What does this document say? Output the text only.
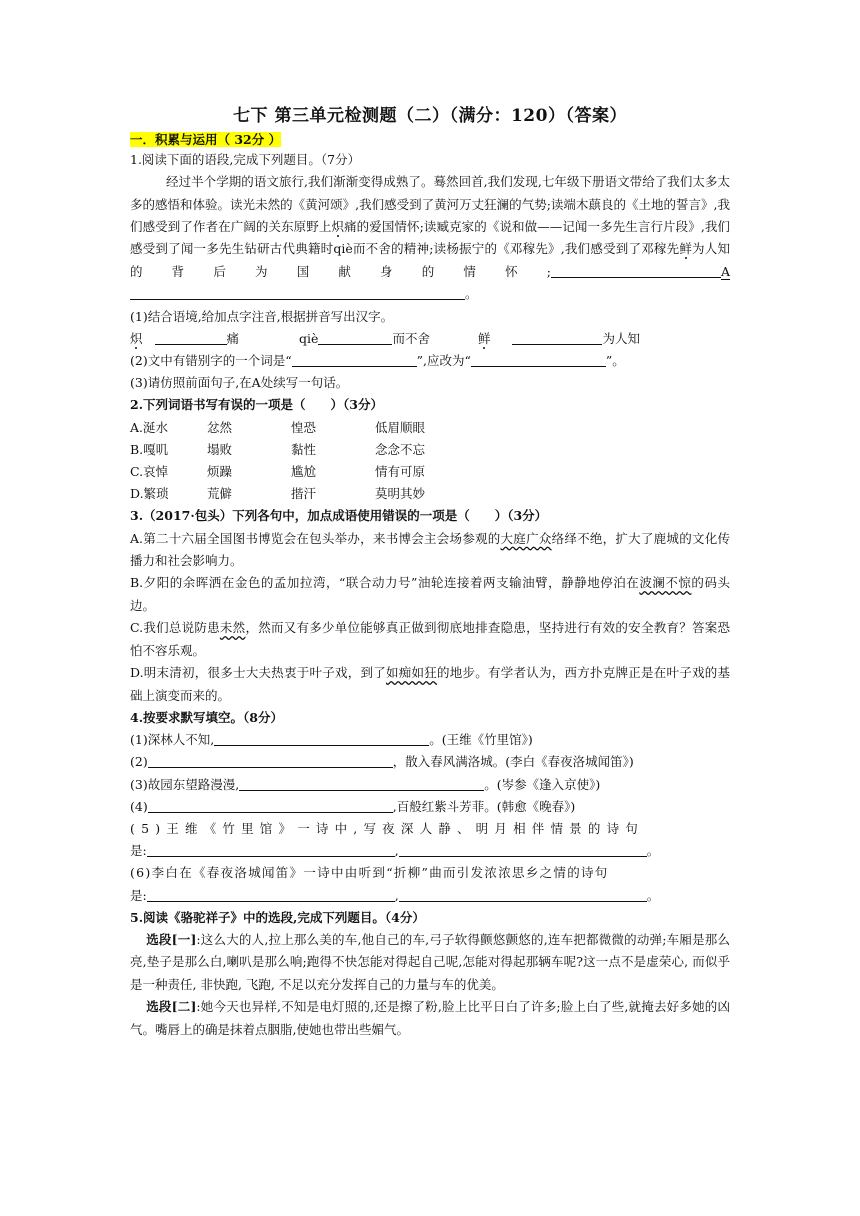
七下 第三单元检测题（二）（满分：120）（答案）
一．积累与运用（ 32分 ）
1.阅读下面的语段,完成下列题目。（7分）
经过半个学期的语文旅行,我们渐渐变得成熟了。蓦然回首,我们发现,七年级下册语文带给了我们太多太多的感悟和体验。读光未然的《黄河颂》,我们感受到了黄河万丈狂澜的气势;读端木蕻良的《土地的誓言》,我们感受到了作者在广阔的关东原野上炽痛的爱国情怀;读臧克家的《说和做——记闻一多先生言行片段》,我们感受到了闻一多先生钻研古代典籍时qiè而不舍的精神;读杨振宁的《邓稼先》,我们感受到了邓稼先鲜为人知的背后为国献身的情怀;	A。
(1)结合语境,给加点字注音,根据拼音写出汉字。
炽	痛	qiè	而不舍	鲜	为人知
(2)文中有错别字的一个词是“	”,应改为“	”。
(3)请仿照前面句子,在A处续写一句话。
2.下列词语书写有误的一项是（　　）（3分）
A.涎水	忿然	惶恐	低眉顺眼
B.嘎叽	塌败	黏性	念念不忘
C.哀悼	烦躁	尴尬	情有可原
D.繁琐	荒僻	揩汗	莫明其妙
3.（2017·包头）下列各句中，加点成语使用错误的一项是（　　）（3分）
A.第二十六届全国图书博览会在包头举办，来书博会主会场参观的大庭广众络绎不绝，扩大了鹿城的文化传播力和社会影响力。
B.夕阳的余晖洒在金色的孟加拉湾，“联合动力号”油轮连接着两支输油臂，静静地停泊在波澜不惊的码头边。
C.我们总说防患未然，然而又有多少单位能够真正做到彻底地排查隐患，坚持进行有效的安全教育？答案恐怕不容乐观。
D.明末清初，很多士大夫热衷于叶子戏，到了如痴如狂的地步。有学者认为，西方扑克牌正是在叶子戏的基础上演变而来的。
4.按要求默写填空。（8分）
(1)深林人不知,	。(王维《竹里馆》)
(2)	，散入春风满洛城。(李白《春夜洛城闻笛》)
(3)故园东望路漫漫,	。(岑参《逢入京使》)
(4)	,百般红紫斗芳菲。(韩愈《晚春》)
(5)王维《竹里馆》一诗中,写夜深人静、明月相伴情景的诗句
是:	,	。
(6)李白在《春夜洛城闻笛》一诗中由听到“折柳”曲而引发浓浓思乡之情的诗句
是:	,	。
5.阅读《骆驼祥子》中的选段,完成下列题目。（4分）
选段[一]:这么大的人,拉上那么美的车,他自己的车,弓子软得颤悠颤悠的,连车把都微微的动弹;车厢是那么亮,垫子是那么白,喇叭是那么响;跑得不快怎能对得起自己呢,怎能对得起那辆车呢?这一点不是虚荣心, 而似乎是一种责任, 非快跑, 飞跑, 不足以充分发挥自己的力量与车的优美。
选段[二]:她今天也异样,不知是电灯照的,还是擦了粉,脸上比平日白了许多;脸上白了些,就掩去好多她的凶气。嘴唇上的确是抹着点胭脂,使她也带出些媚气。
